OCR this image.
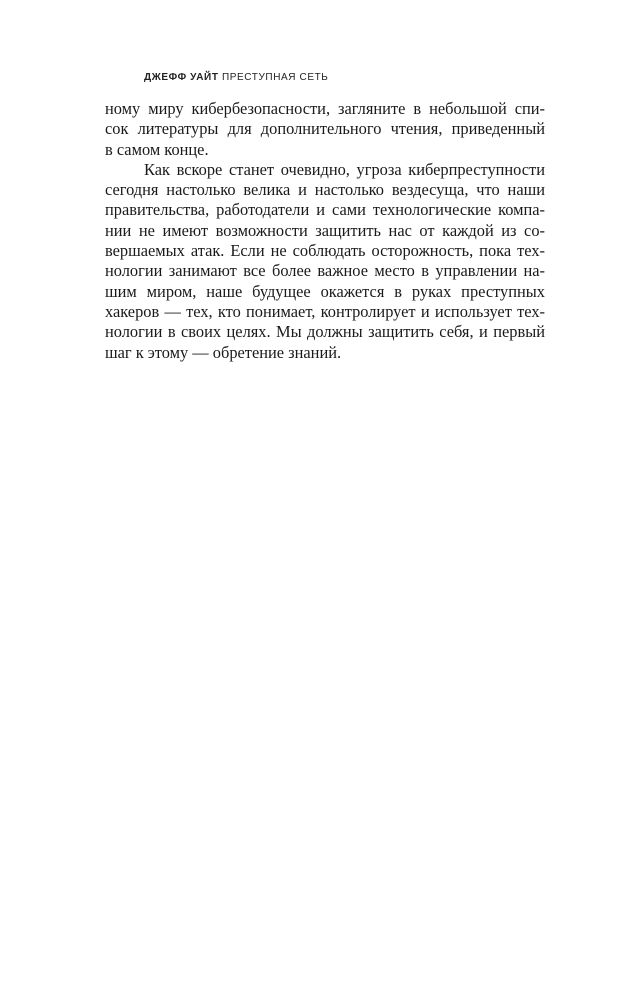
ДЖЕФФ УАЙТ ПРЕСТУПНАЯ СЕТЬ
ному миру кибербезопасности, загляните в небольшой спи-
сок литературы для дополнительного чтения, приведенный
в самом конце.
Как вскоре станет очевидно, угроза киберпреступности
сегодня настолько велика и настолько вездесуща, что наши
правительства, работодатели и сами технологические компа-
нии не имеют возможности защитить нас от каждой из со-
вершаемых атак. Если не соблюдать осторожность, пока тех-
нологии занимают все более важное место в управлении на-
шим миром, наше будущее окажется в руках преступных
хакеров — тех, кто понимает, контролирует и использует тех-
нологии в своих целях. Мы должны защитить себя, и первый
шаг к этому — обретение знаний.
